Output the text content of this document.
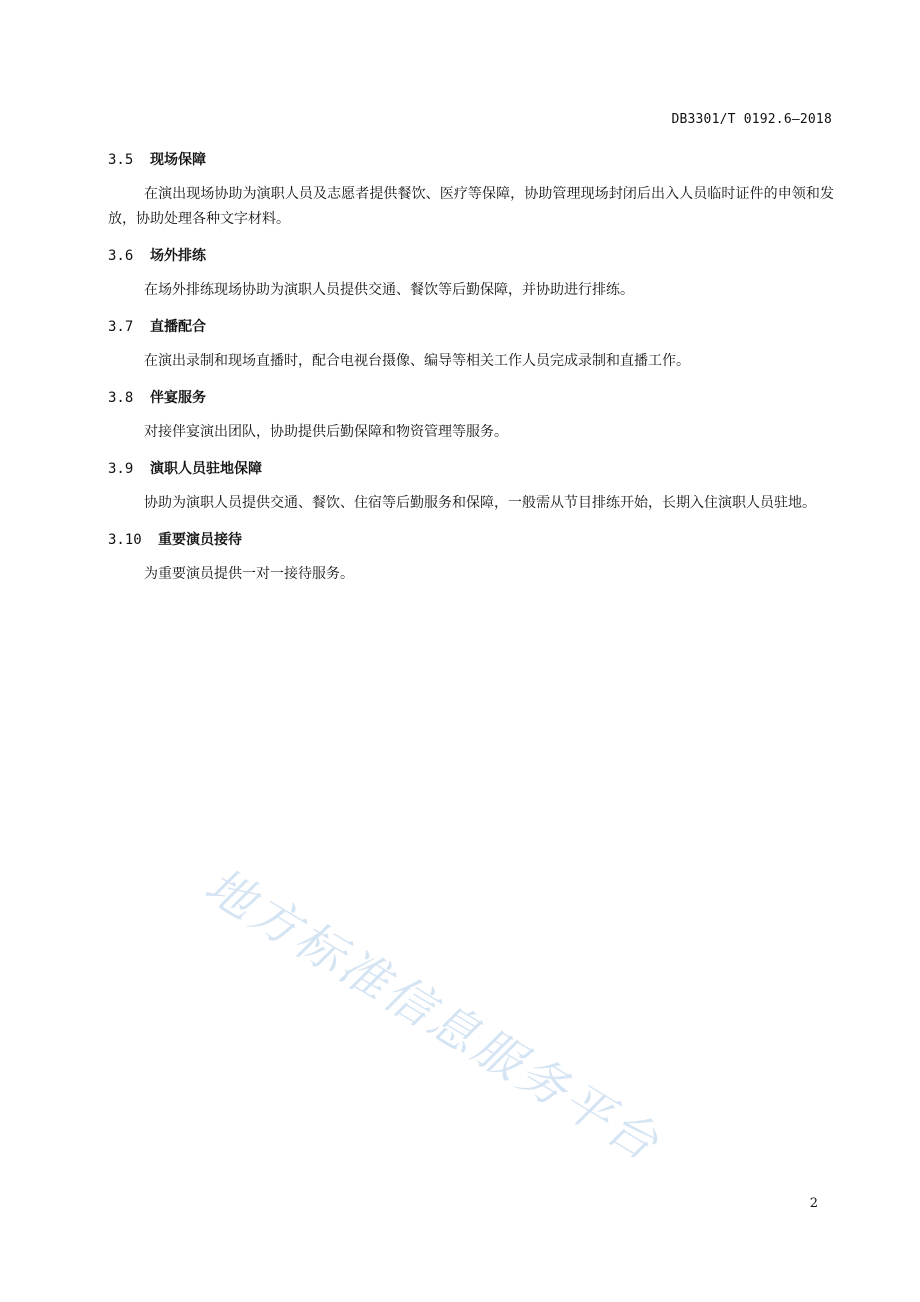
DB3301/T 0192.6—2018
3.5	现场保障

在演出现场协助为演职人员及志愿者提供餐饮、医疗等保障，协助管理现场封闭后出入人员临时证件的申领和发放，协助处理各种文字材料。

3.6	场外排练

在场外排练现场协助为演职人员提供交通、餐饮等后勤保障，并协助进行排练。

3.7	直播配合

在演出录制和现场直播时，配合电视台摄像、编导等相关工作人员完成录制和直播工作。

3.8	伴宴服务

对接伴宴演出团队，协助提供后勤保障和物资管理等服务。

3.9	演职人员驻地保障

协助为演职人员提供交通、餐饮、住宿等后勤服务和保障，一般需从节目排练开始，长期入住演职人员驻地。

3.10	重要演员接待

为重要演员提供一对一接待服务。

地方标准信息服务平台
2
